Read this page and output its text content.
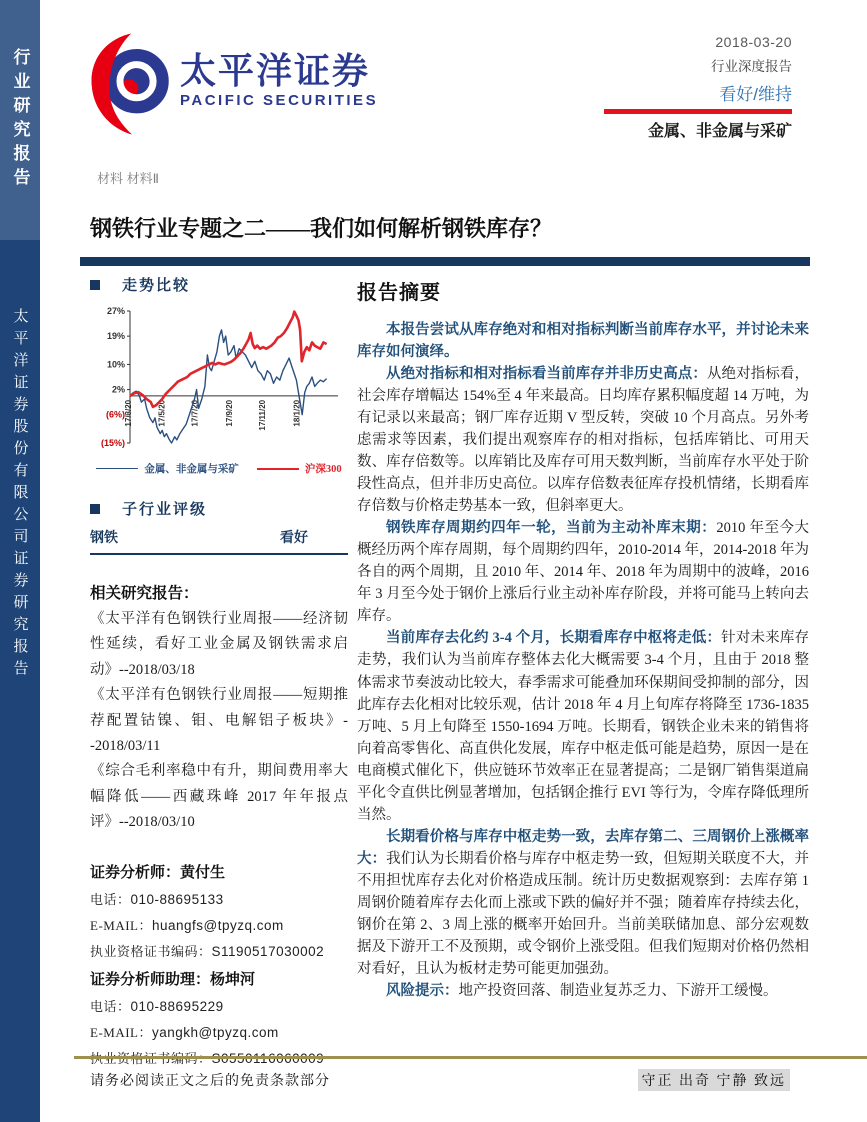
行业研究报告
太平洋证券股份有限公司证券研究报告
太平洋证券
PACIFIC SECURITIES
2018-03-20
行业深度报告
看好/维持
金属、非金属与采矿
材料 材料Ⅱ
钢铁行业专题之二——我们如何解析钢铁库存？
走势比较
27%
19%
10%
2%
(6%)
(15%)
17/3/20	17/5/20	17/7/20	17/9/20	17/11/20	18/1/20
金属、非金属与采矿	沪深300
子行业评级
钢铁	看好
相关研究报告：

《太平洋有色钢铁行业周报——经济韧性延续，看好工业金属及钢铁需求启动》--2018/03/18

《太平洋有色钢铁行业周报——短期推荐配置钴镍、钼、电解铝子板块》--2018/03/11

《综合毛利率稳中有升，期间费用率大幅降低——西藏珠峰 2017 年年报点评》--2018/03/10

证券分析师：黄付生
电话：010-88695133
E-MAIL：huangfs@tpyzq.com
执业资格证书编码：S1190517030002
证券分析师助理：杨坤河
电话：010-88695229
E-MAIL：yangkh@tpyzq.com
报告摘要

本报告尝试从库存绝对和相对指标判断当前库存水平，并讨论未来库存如何演绎。

从绝对指标和相对指标看当前库存并非历史高点：从绝对指标看，社会库存增幅达 154%至 4 年来最高。日均库存累积幅度超 14 万吨，为有记录以来最高；钢厂库存近期 V 型反转，突破 10 个月高点。另外考虑需求等因素，我们提出观察库存的相对指标，包括库销比、可用天数、库存倍数等。以库销比及库存可用天数判断，当前库存水平处于阶段性高点，但并非历史高位。以库存倍数表征库存投机情绪，长期看库存倍数与价格走势基本一致，但斜率更大。

钢铁库存周期约四年一轮，当前为主动补库末期：2010 年至今大概经历两个库存周期，每个周期约四年，2010-2014 年，2014-2018 年为各自的两个周期，且 2010 年、2014 年、2018 年为周期中的波峰，2016 年 3 月至今处于钢价上涨后行业主动补库存阶段，并将可能马上转向去库存。

当前库存去化约 3-4 个月，长期看库存中枢将走低：针对未来库存走势，我们认为当前库存整体去化大概需要 3-4 个月，且由于 2018 整体需求节奏波动比较大，春季需求可能叠加环保期间受抑制的部分，因此库存去化相对比较乐观，估计 2018 年 4 月上旬库存将降至 1736-1835 万吨、5 月上旬降至 1550-1694 万吨。长期看，钢铁企业未来的销售将向着高零售化、高直供化发展，库存中枢走低可能是趋势，原因一是在电商模式催化下，供应链环节效率正在显著提高；二是钢厂销售渠道扁平化令直供比例显著增加，包括钢企推行 EVI 等行为，令库存降低理所当然。

长期看价格与库存中枢走势一致，去库存第二、三周钢价上涨概率大：我们认为长期看价格与库存中枢走势一致，但短期关联度不大，并不用担忧库存去化对价格造成压制。统计历史数据观察到：去库存第 1 周钢价随着库存去化而上涨或下跌的偏好并不强；随着库存持续去化，钢价在第 2、3 周上涨的概率开始回升。当前美联储加息、部分宏观数据及下游开工不及预期，或令钢价上涨受阻。但我们短期对价格仍然相对看好，且认为板材走势可能更加强劲。

风险提示：地产投资回落、制造业复苏乏力、下游开工缓慢。

请务必阅读正文之后的免责条款部分	守正 出奇 宁静 致远
